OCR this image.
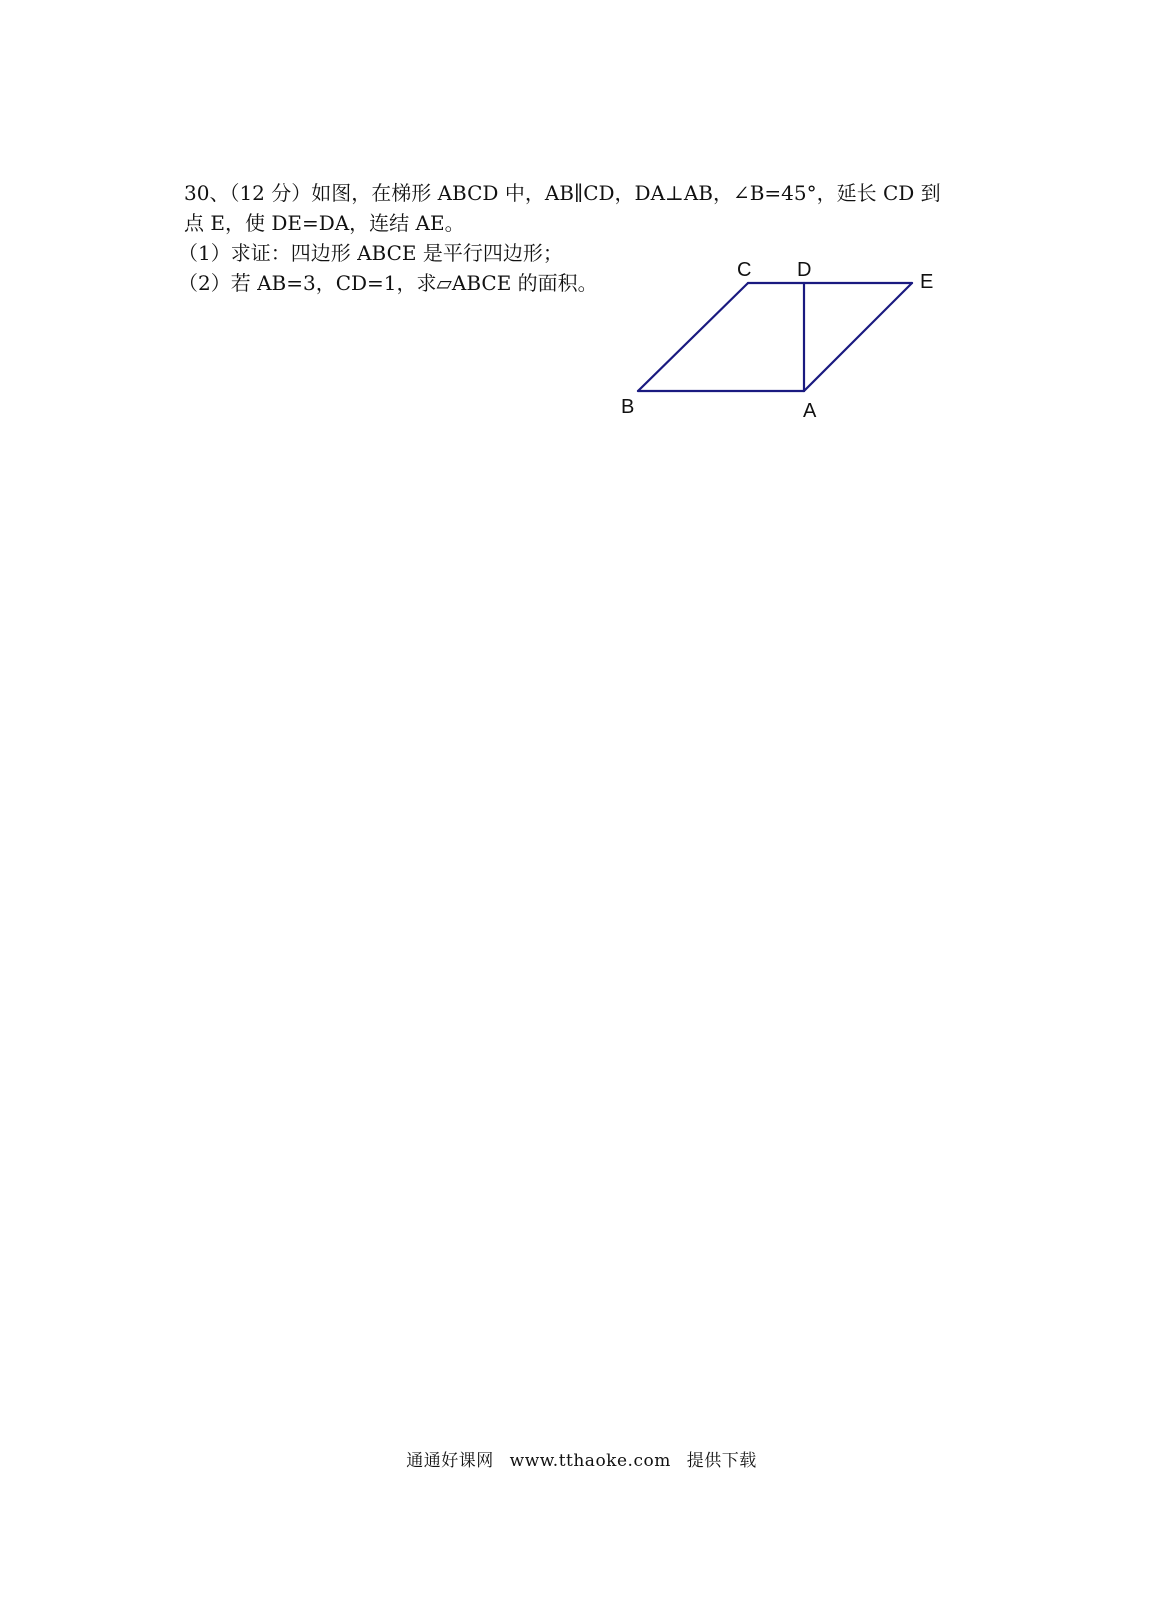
30、（12 分）如图，在梯形 ABCD 中，AB∥CD，DA⊥AB，∠B=45°，延长 CD 到

点 E，使 DE=DA，连结 AE。

（1）求证：四边形 ABCE 是平行四边形；

（2）若 AB=3，CD=1，求▱ABCE 的面积。

C D
E
B	A
通通好课网 www.tthaoke.com 提供下载
